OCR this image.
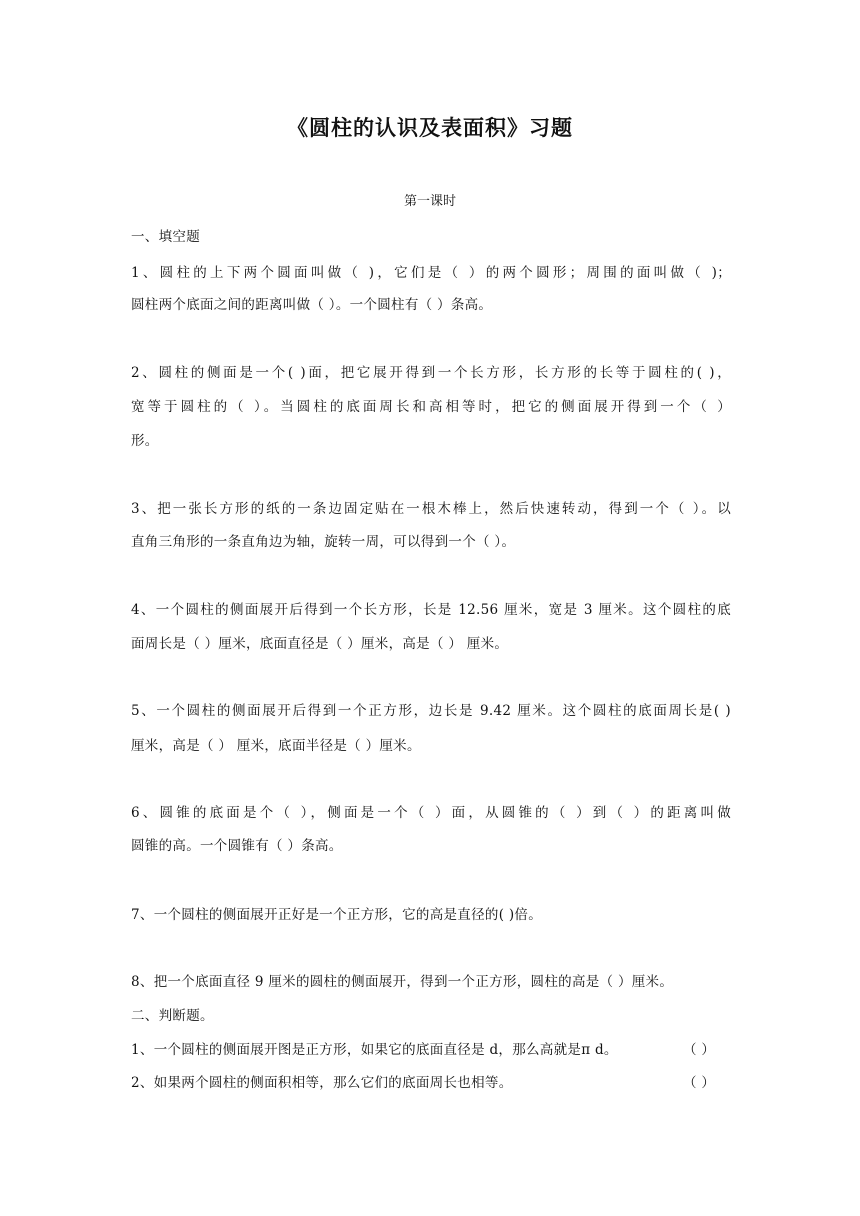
《圆柱的认识及表面积》习题
第一课时
一、填空题
1、圆柱的上下两个圆面叫做（ )，它们是（ ）的两个圆形；周围的面叫做（ )；
圆柱两个底面之间的距离叫做（ ）。一个圆柱有（ ）条高。
2、圆柱的侧面是一个( )面，把它展开得到一个长方形，长方形的长等于圆柱的( )，
宽等于圆柱的（ ）。当圆柱的底面周长和高相等时，把它的侧面展开得到一个（ ）
形。
3、把一张长方形的纸的一条边固定贴在一根木棒上，然后快速转动，得到一个（ ）。以
直角三角形的一条直角边为轴，旋转一周，可以得到一个（ ）。
4、一个圆柱的侧面展开后得到一个长方形，长是 12.56 厘米，宽是 3 厘米。这个圆柱的底
面周长是（ ）厘米，底面直径是（ ）厘米，高是（ ） 厘米。
5、一个圆柱的侧面展开后得到一个正方形，边长是 9.42 厘米。这个圆柱的底面周长是( )
厘米，高是（ ） 厘米，底面半径是（ ）厘米。
6、圆锥的底面是个（ ），侧面是一个（ ）面，从圆锥的（ ）到（ ）的距离叫做
圆锥的高。一个圆锥有（ ）条高。
7、一个圆柱的侧面展开正好是一个正方形，它的高是直径的( )倍。
8、把一个底面直径 9 厘米的圆柱的侧面展开，得到一个正方形，圆柱的高是（ ）厘米。
二、判断题。
1、一个圆柱的侧面展开图是正方形，如果它的底面直径是 d，那么高就是π d。	（ ）
2、如果两个圆柱的侧面积相等，那么它们的底面周长也相等。	（ ）
